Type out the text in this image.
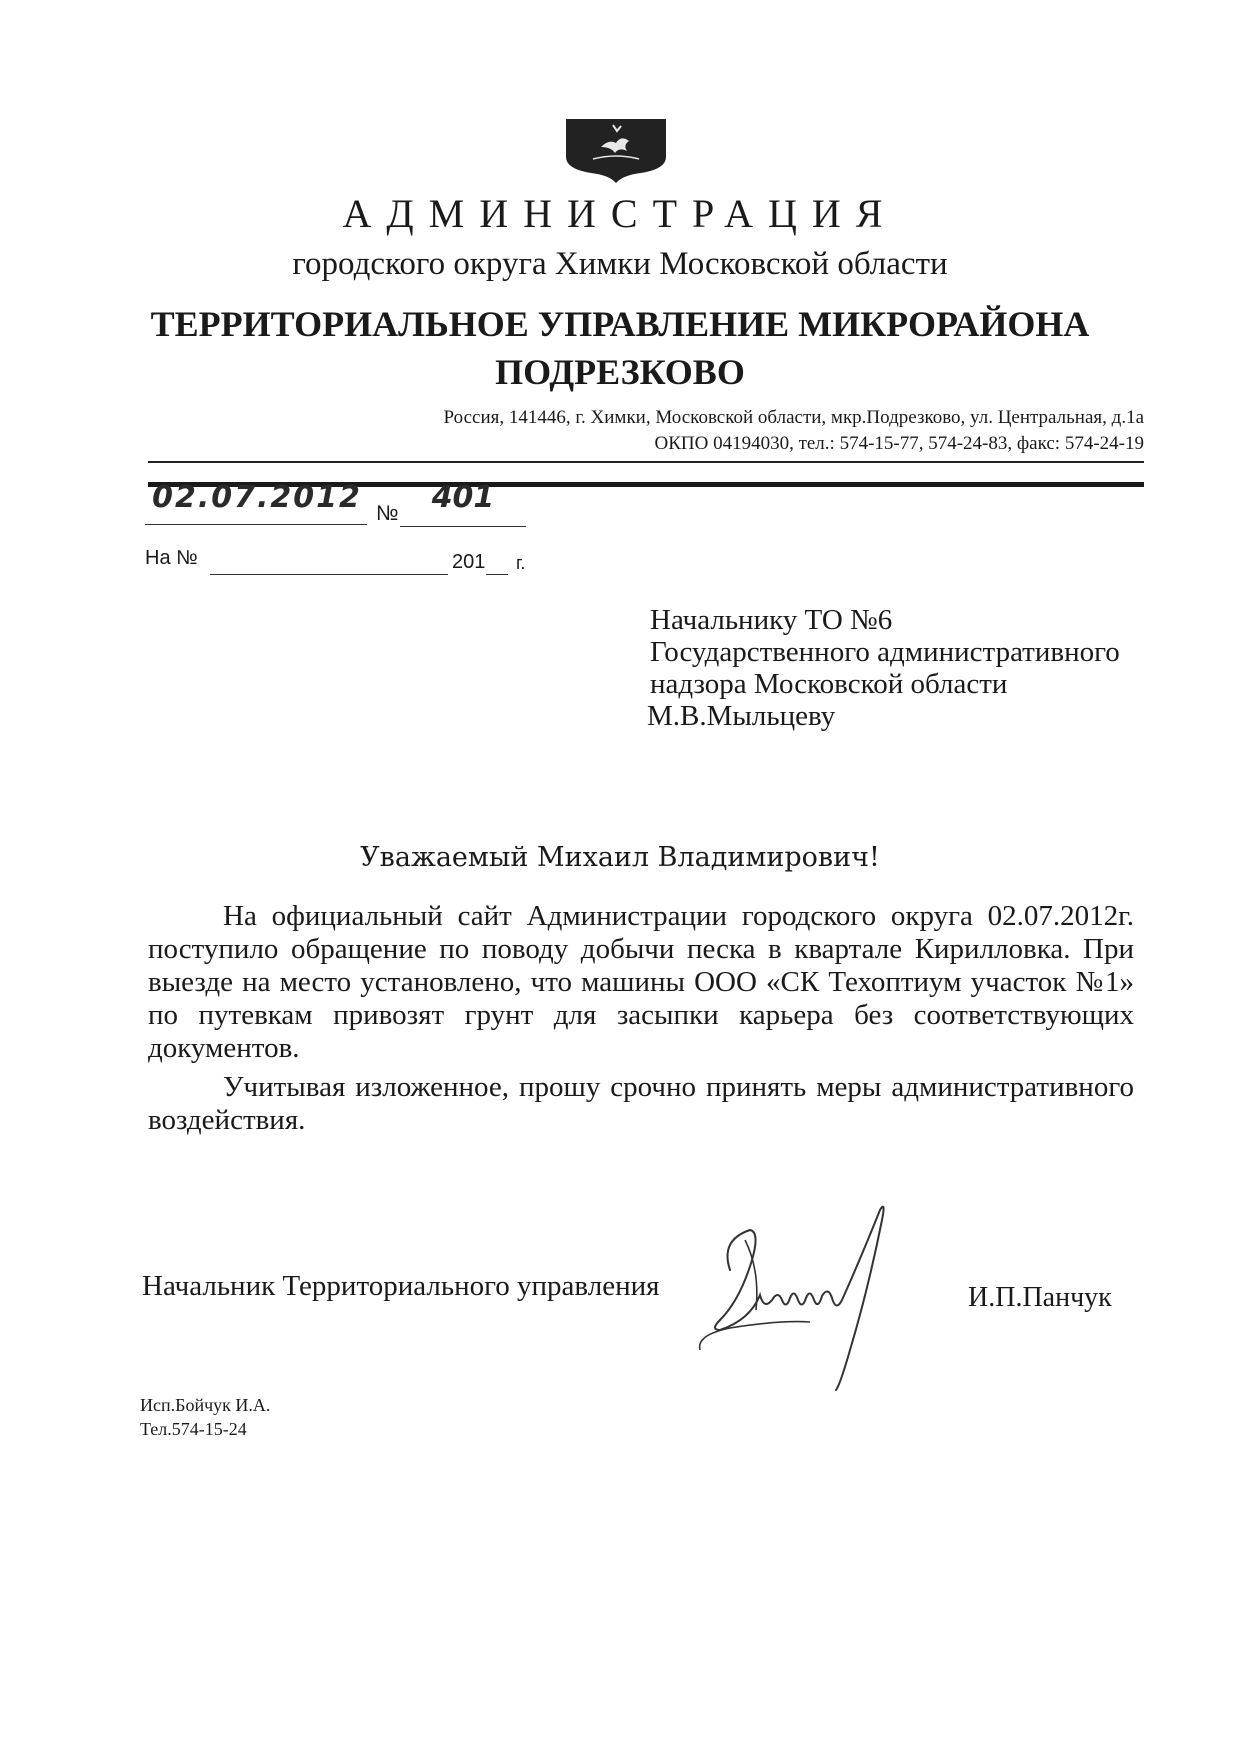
АДМИНИСТРАЦИЯ
городского округа Химки Московской области
ТЕРРИТОРИАЛЬНОЕ УПРАВЛЕНИЕ МИКРОРАЙОНА
ПОДРЕЗКОВО
Россия, 141446, г. Химки, Московской области, мкр.Подрезково, ул. Центральная, д.1а
ОКПО 04194030, тел.: 574-15-77, 574-24-83, факс: 574-24-19
02.07.2012 №	401
На №	201 г.
Начальнику ТО №6
Государственного административного
надзора Московской области
М.В.Мыльцеву
Уважаемый Михаил Владимирович!

На официальный сайт Администрации городского округа 02.07.2012г. поступило обращение по поводу добычи песка в квартале Кирилловка. При выезде на место установлено, что машины ООО «СК Техоптиум участок №1» по путевкам привозят грунт для засыпки карьера без соответствующих документов.

Учитывая изложенное, прошу срочно принять меры административного воздействия.

Начальник Территориального управления	И.П.Панчук
Исп.Бойчук И.А.
Тел.574-15-24
